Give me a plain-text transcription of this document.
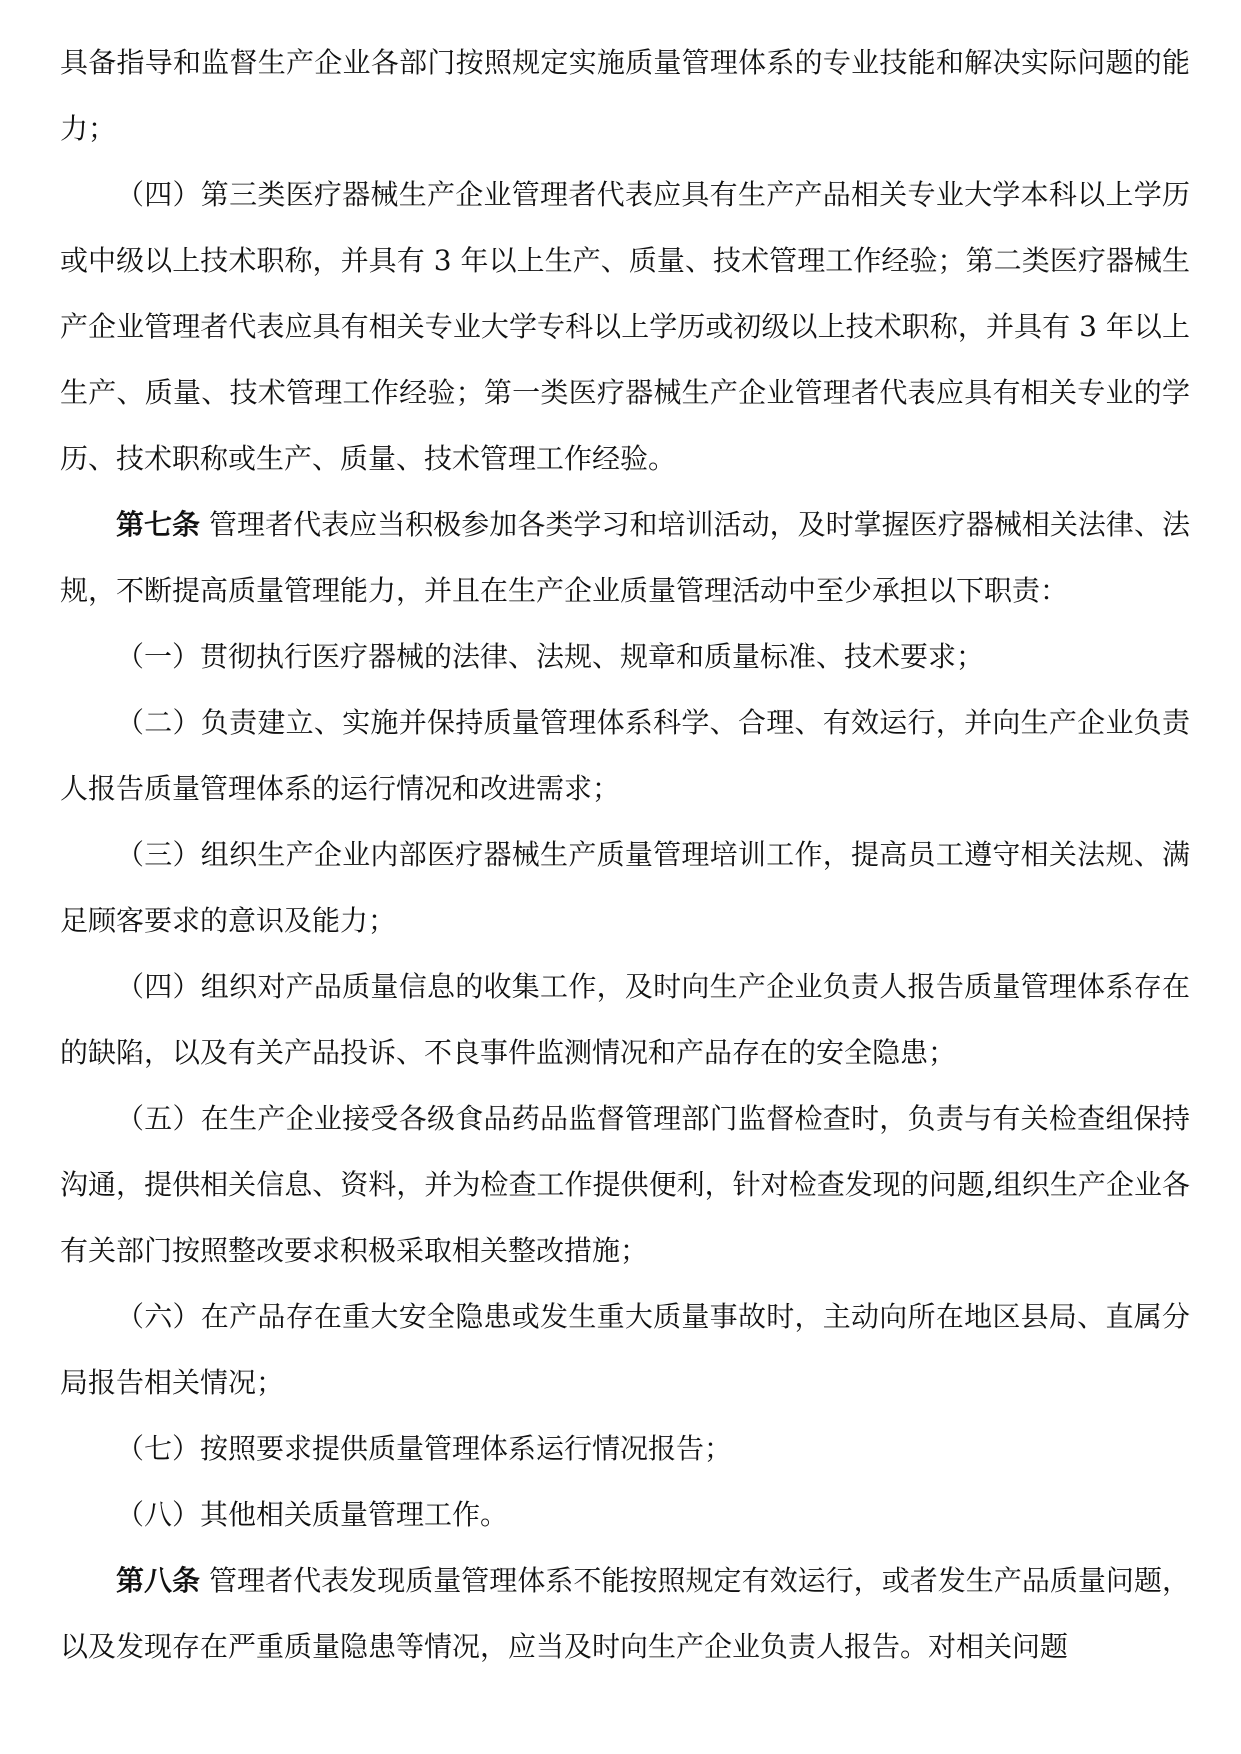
具备指导和监督生产企业各部门按照规定实施质量管理体系的专业技能和解决实际问题的能力；

（四）第三类医疗器械生产企业管理者代表应具有生产产品相关专业大学本科以上学历或中级以上技术职称，并具有 3 年以上生产、质量、技术管理工作经验；第二类医疗器械生产企业管理者代表应具有相关专业大学专科以上学历或初级以上技术职称，并具有 3 年以上生产、质量、技术管理工作经验；第一类医疗器械生产企业管理者代表应具有相关专业的学历、技术职称或生产、质量、技术管理工作经验。

第七条 管理者代表应当积极参加各类学习和培训活动，及时掌握医疗器械相关法律、法规，不断提高质量管理能力，并且在生产企业质量管理活动中至少承担以下职责：

（一）贯彻执行医疗器械的法律、法规、规章和质量标准、技术要求；

（二）负责建立、实施并保持质量管理体系科学、合理、有效运行，并向生产企业负责人报告质量管理体系的运行情况和改进需求；

（三）组织生产企业内部医疗器械生产质量管理培训工作，提高员工遵守相关法规、满足顾客要求的意识及能力；

（四）组织对产品质量信息的收集工作，及时向生产企业负责人报告质量管理体系存在的缺陷，以及有关产品投诉、不良事件监测情况和产品存在的安全隐患；

（五）在生产企业接受各级食品药品监督管理部门监督检查时，负责与有关检查组保持沟通，提供相关信息、资料，并为检查工作提供便利，针对检查发现的问题,组织生产企业各有关部门按照整改要求积极采取相关整改措施；

（六）在产品存在重大安全隐患或发生重大质量事故时，主动向所在地区县局、直属分局报告相关情况；

（七）按照要求提供质量管理体系运行情况报告；

（八）其他相关质量管理工作。

第八条 管理者代表发现质量管理体系不能按照规定有效运行，或者发生产品质量问题，以及发现存在严重质量隐患等情况，应当及时向生产企业负责人报告。对相关问题
